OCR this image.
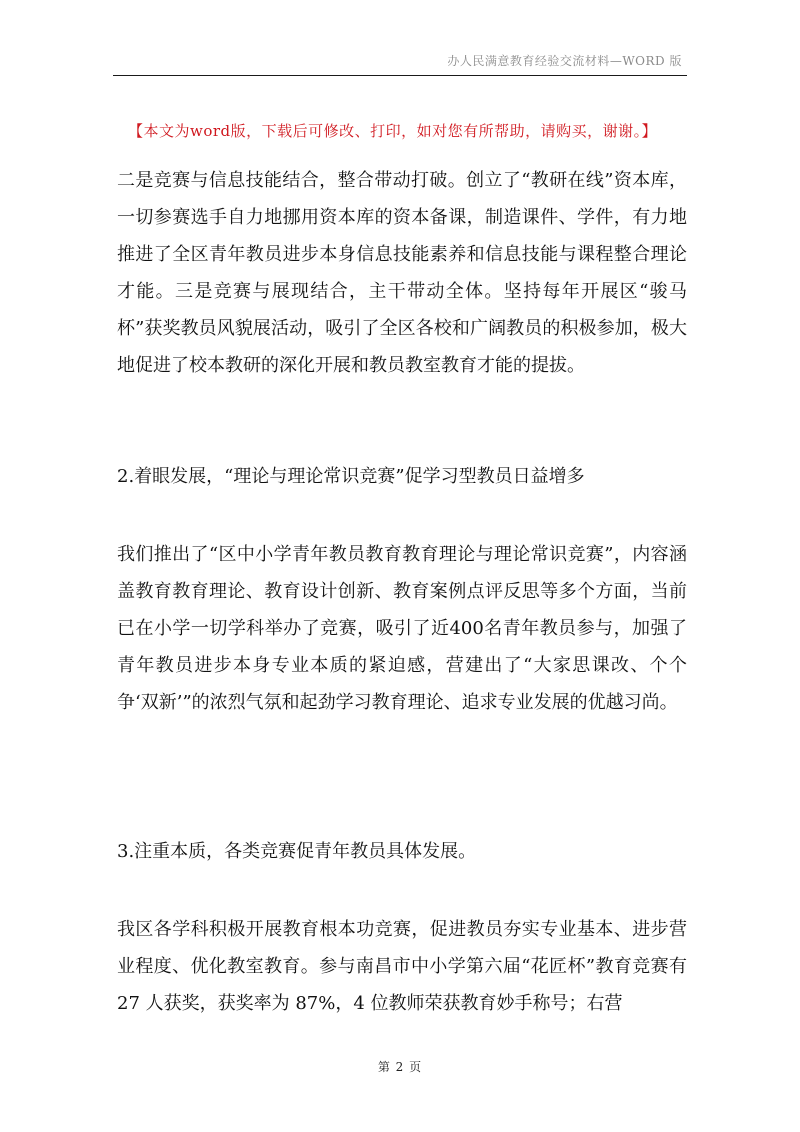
办人民满意教育经验交流材料—WORD 版
【本文为word版，下载后可修改、打印，如对您有所帮助，请购买，谢谢。】

二是竞赛与信息技能结合，整合带动打破。创立了“教研在线”资本库，一切参赛选手自力地挪用资本库的资本备课，制造课件、学件，有力地推进了全区青年教员进步本身信息技能素养和信息技能与课程整合理论才能。三是竞赛与展现结合，主干带动全体。坚持每年开展区“骏马杯”获奖教员风貌展活动，吸引了全区各校和广阔教员的积极参加，极大地促进了校本教研的深化开展和教员教室教育才能的提拔。

2.着眼发展，“理论与理论常识竞赛”促学习型教员日益增多

我们推出了“区中小学青年教员教育教育理论与理论常识竞赛”，内容涵盖教育教育理论、教育设计创新、教育案例点评反思等多个方面，当前已在小学一切学科举办了竞赛，吸引了近400名青年教员参与，加强了青年教员进步本身专业本质的紧迫感，营建出了“大家思课改、个个争‘双新’”的浓烈气氛和起劲学习教育理论、追求专业发展的优越习尚。

3.注重本质，各类竞赛促青年教员具体发展。

我区各学科积极开展教育根本功竞赛，促进教员夯实专业基本、进步营业程度、优化教室教育。参与南昌市中小学第六届“花匠杯”教育竞赛有 27 人获奖，获奖率为 87%，4 位教师荣获教育妙手称号；右营

第 2 页
